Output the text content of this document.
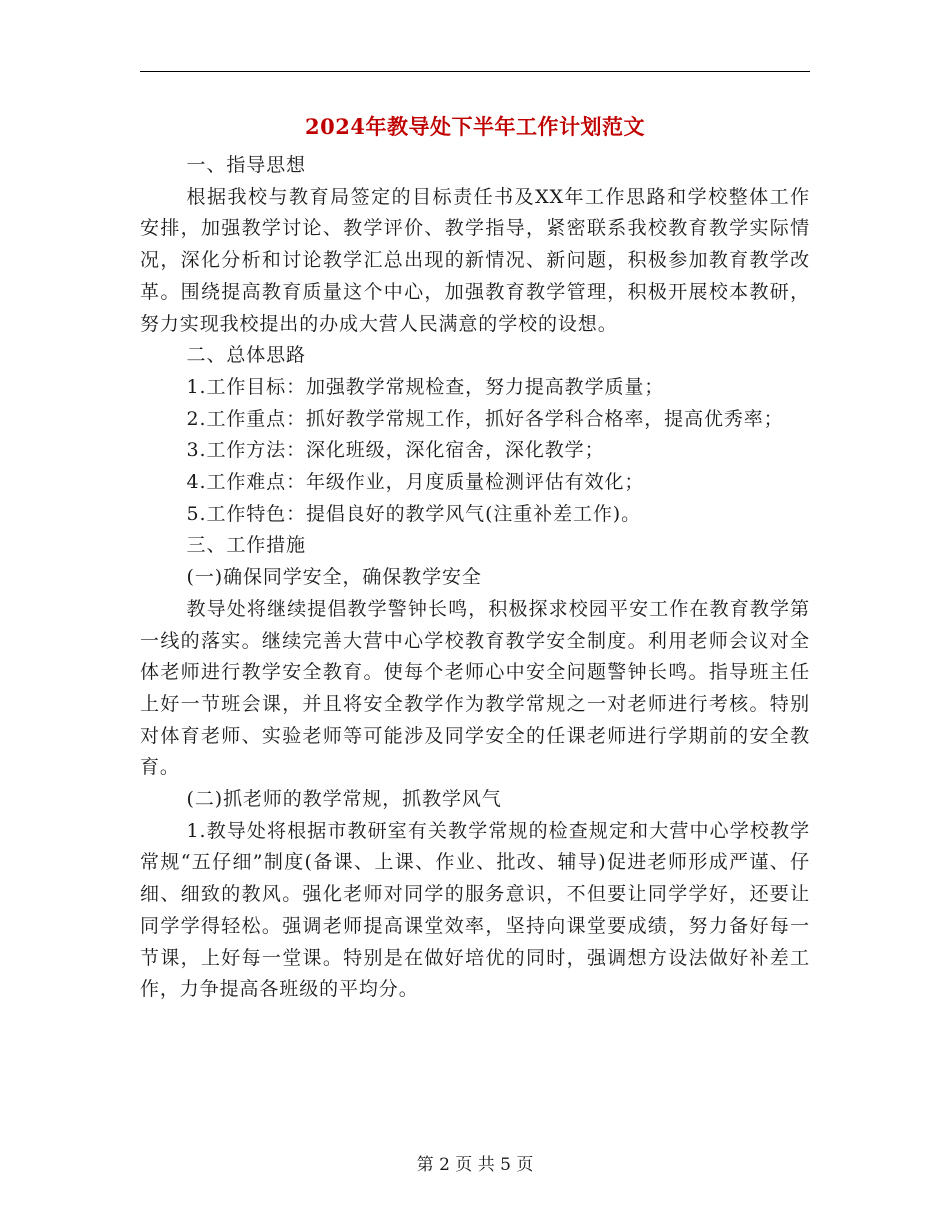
2024年教导处下半年工作计划范文

一、指导思想

根据我校与教育局签定的目标责任书及XX年工作思路和学校整体工作安排，加强教学讨论、教学评价、教学指导，紧密联系我校教育教学实际情况，深化分析和讨论教学汇总出现的新情况、新问题，积极参加教育教学改革。围绕提高教育质量这个中心，加强教育教学管理，积极开展校本教研，努力实现我校提出的办成大营人民满意的学校的设想。

二、总体思路

1.工作目标：加强教学常规检查，努力提高教学质量；

2.工作重点：抓好教学常规工作，抓好各学科合格率，提高优秀率；

3.工作方法：深化班级，深化宿舍，深化教学；

4.工作难点：年级作业，月度质量检测评估有效化；

5.工作特色：提倡良好的教学风气(注重补差工作)。

三、工作措施

(一)确保同学安全，确保教学安全

教导处将继续提倡教学警钟长鸣，积极探求校园平安工作在教育教学第一线的落实。继续完善大营中心学校教育教学安全制度。利用老师会议对全体老师进行教学安全教育。使每个老师心中安全问题警钟长鸣。指导班主任上好一节班会课，并且将安全教学作为教学常规之一对老师进行考核。特别对体育老师、实验老师等可能涉及同学安全的任课老师进行学期前的安全教育。

(二)抓老师的教学常规，抓教学风气

1.教导处将根据市教研室有关教学常规的检查规定和大营中心学校教学常规“五仔细”制度(备课、上课、作业、批改、辅导)促进老师形成严谨、仔细、细致的教风。强化老师对同学的服务意识，不但要让同学学好，还要让同学学得轻松。强调老师提高课堂效率，坚持向课堂要成绩，努力备好每一节课，上好每一堂课。特别是在做好培优的同时，强调想方设法做好补差工作，力争提高各班级的平均分。

第 2 页 共 5 页
